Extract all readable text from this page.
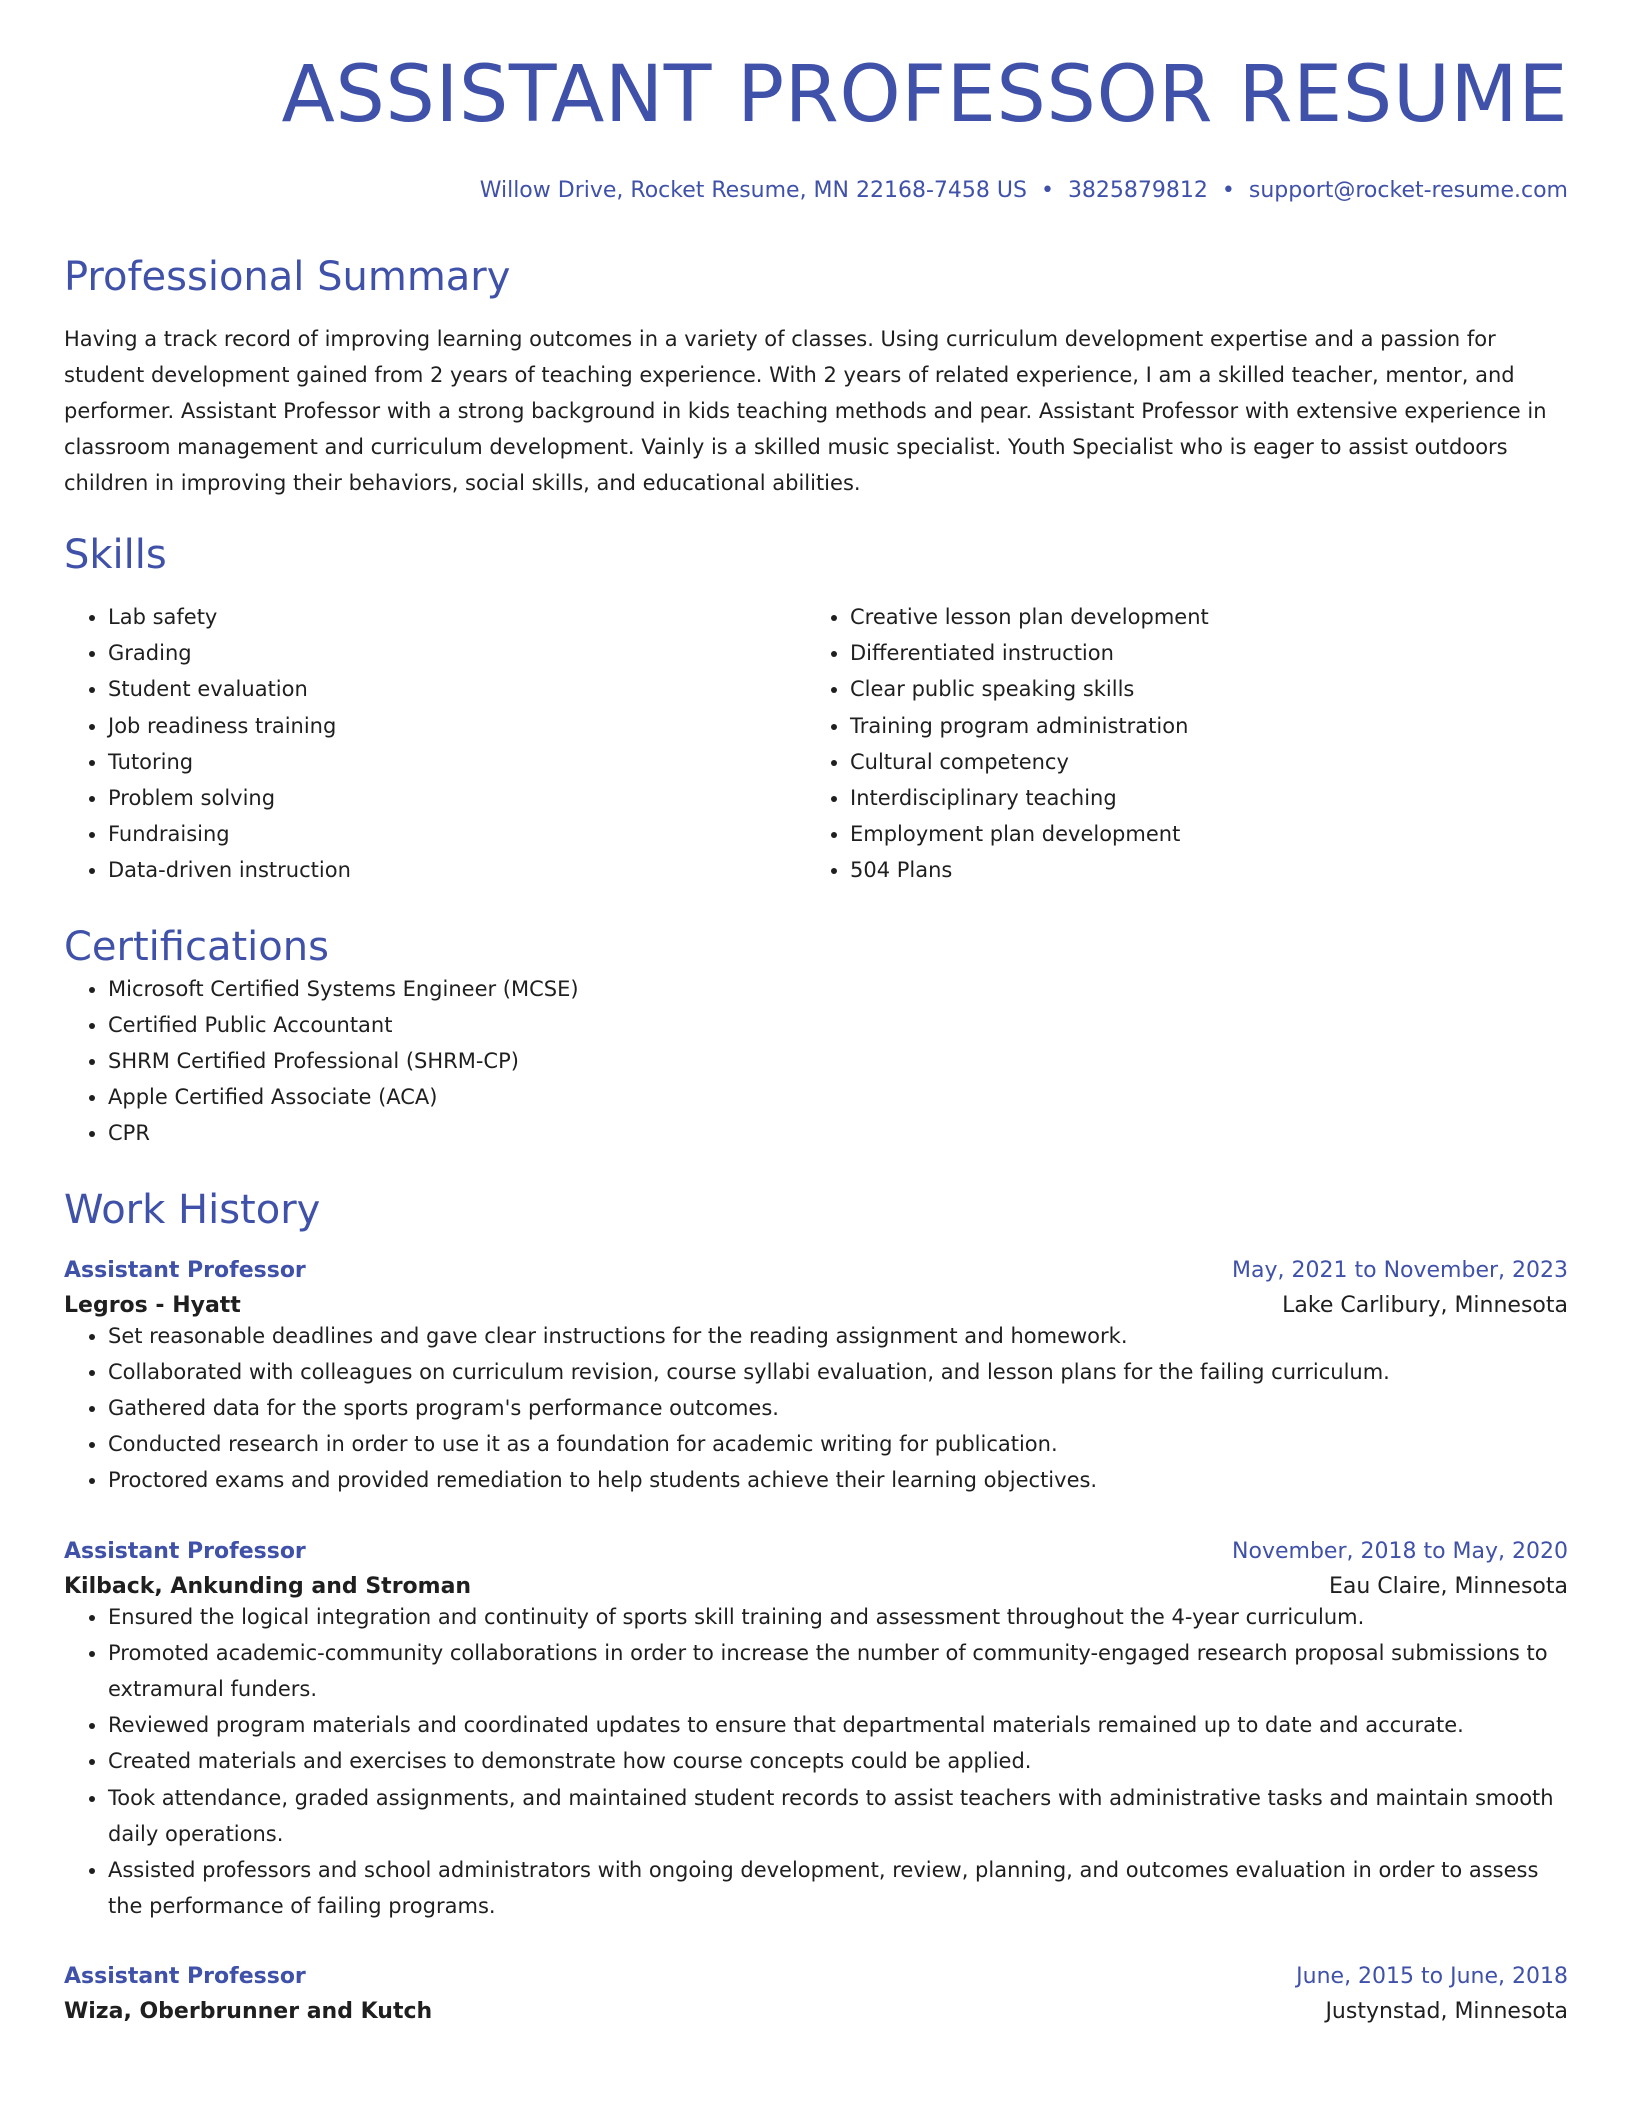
ASSISTANT PROFESSOR RESUME
Willow Drive, Rocket Resume, MN 22168-7458 US • 3825879812 • support@rocket-resume.com
Professional Summary

Having a track record of improving learning outcomes in a variety of classes. Using curriculum development expertise and a passion for student development gained from 2 years of teaching experience. With 2 years of related experience, I am a skilled teacher, mentor, and performer. Assistant Professor with a strong background in kids teaching methods and pear. Assistant Professor with extensive experience in classroom management and curriculum development. Vainly is a skilled music specialist. Youth Specialist who is eager to assist outdoors children in improving their behaviors, social skills, and educational abilities.

Skills
• Lab safety
• Grading
• Student evaluation
• Job readiness training
• Tutoring
• Problem solving
• Fundraising
• Data-driven instruction
• Creative lesson plan development
• Differentiated instruction
• Clear public speaking skills
• Training program administration
• Cultural competency
• Interdisciplinary teaching
• Employment plan development
• 504 Plans
Certifications
• Microsoft Certified Systems Engineer (MCSE)
• Certified Public Accountant
• SHRM Certified Professional (SHRM-CP)
• Apple Certified Associate (ACA)
• CPR
Work History
Assistant Professor	May, 2021 to November, 2023
Legros - Hyatt	Lake Carlibury, Minnesota
• Set reasonable deadlines and gave clear instructions for the reading assignment and homework.
• Collaborated with colleagues on curriculum revision, course syllabi evaluation, and lesson plans for the failing curriculum.
• Gathered data for the sports program's performance outcomes.
• Conducted research in order to use it as a foundation for academic writing for publication.
• Proctored exams and provided remediation to help students achieve their learning objectives.
Assistant Professor	November, 2018 to May, 2020
Kilback, Ankunding and Stroman	Eau Claire, Minnesota
• Ensured the logical integration and continuity of sports skill training and assessment throughout the 4-year curriculum.
• Promoted academic-community collaborations in order to increase the number of community-engaged research proposal submissions to extramural funders.
• Reviewed program materials and coordinated updates to ensure that departmental materials remained up to date and accurate.
• Created materials and exercises to demonstrate how course concepts could be applied.
• Took attendance, graded assignments, and maintained student records to assist teachers with administrative tasks and maintain smooth daily operations.
• Assisted professors and school administrators with ongoing development, review, planning, and outcomes evaluation in order to assess the performance of failing programs.
Assistant Professor	June, 2015 to June, 2018
Wiza, Oberbrunner and Kutch	Justynstad, Minnesota
